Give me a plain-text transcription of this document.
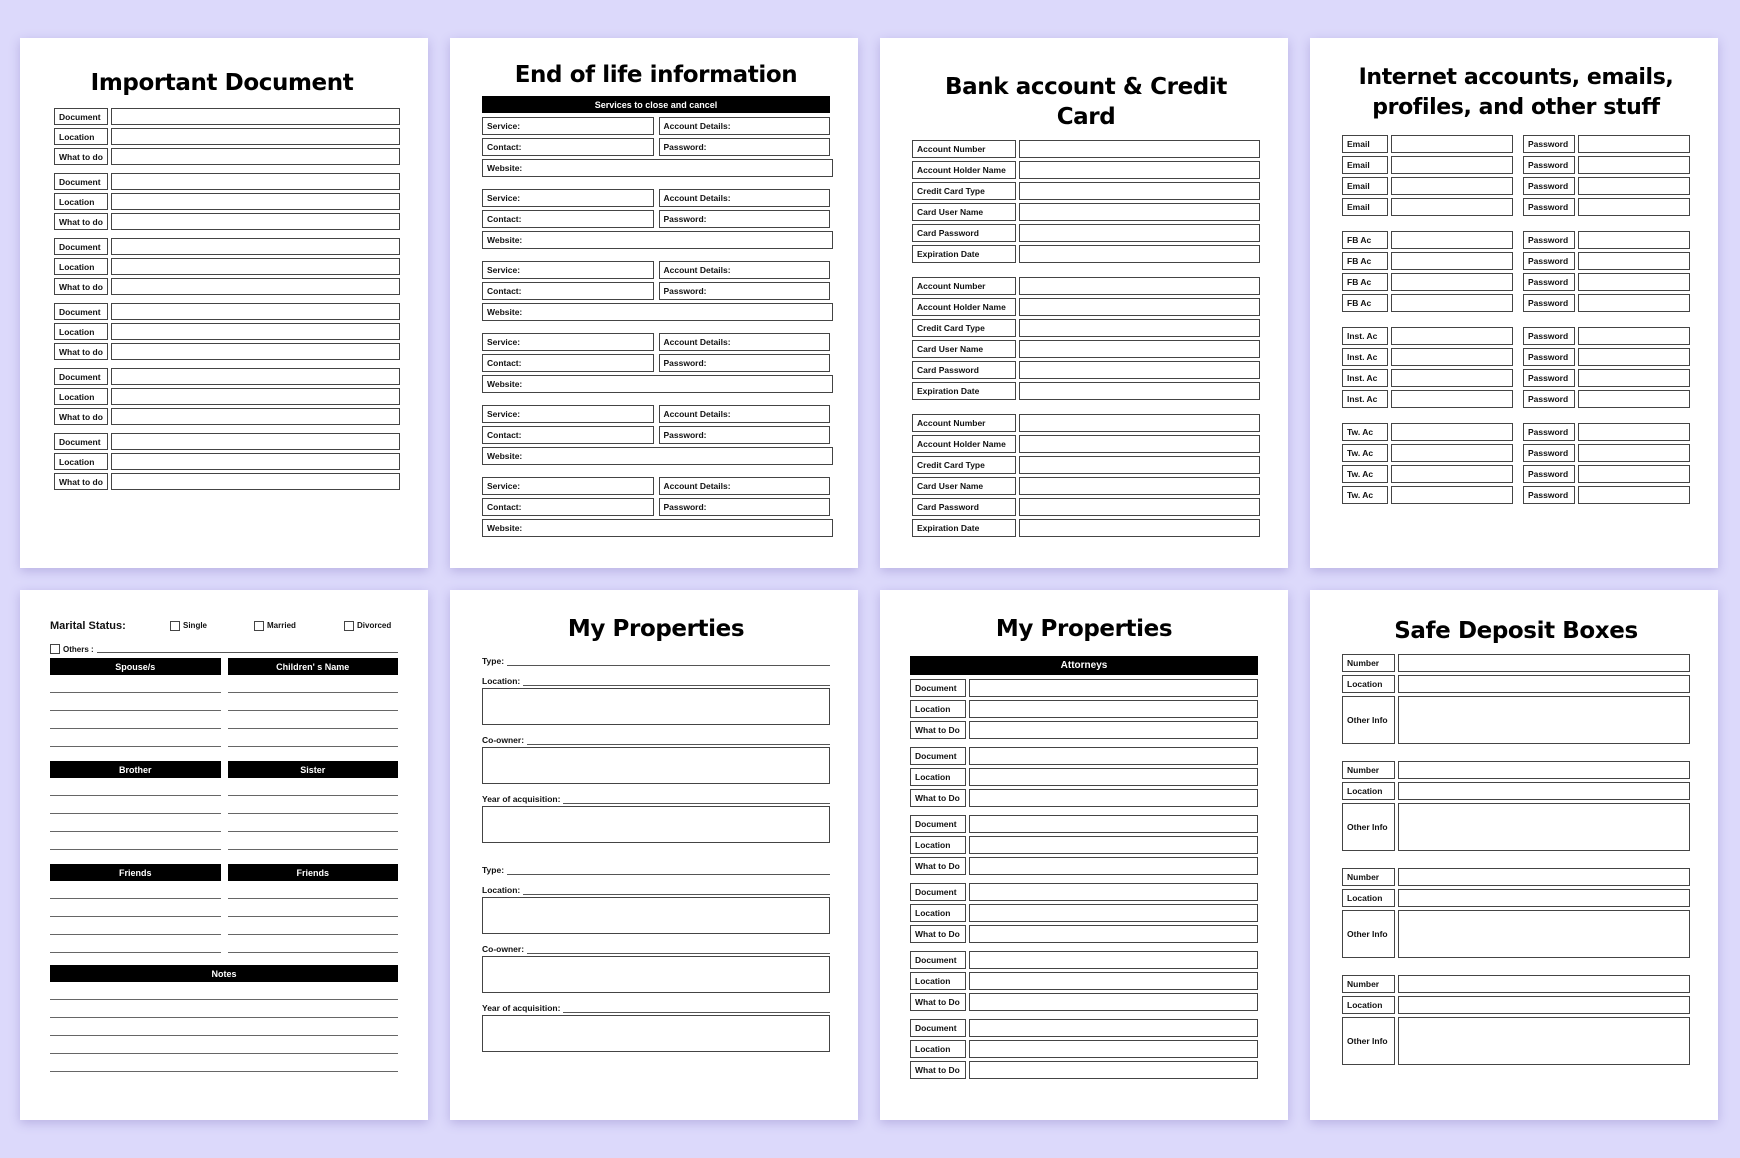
Important Document
Document
Location
What to do
Document
Location
What to do
Document
Location
What to do
Document
Location
What to do
Document
Location
What to do
Document
Location
What to do
End of life information
Services to close and cancel
Service:	Account Details:
Contact:	Password:
Website:
Service:	Account Details:
Contact:	Password:
Website:
Service:	Account Details:
Contact:	Password:
Website:
Service:	Account Details:
Contact:	Password:
Website:
Service:	Account Details:
Contact:	Password:
Website:
Service:	Account Details:
Contact:	Password:
Website:
Bank account & Credit Card
Account Number
Account Holder Name
Credit Card Type
Card User Name
Card Password
Expiration Date
Account Number
Account Holder Name
Credit Card Type
Card User Name
Card Password
Expiration Date
Account Number
Account Holder Name
Credit Card Type
Card User Name
Card Password
Expiration Date
Internet accounts, emails,
profiles, and other stuff
Email	Password
Email	Password
Email	Password
Email	Password
FB Ac	Password
FB Ac	Password
FB Ac	Password
FB Ac	Password
Inst. Ac	Password
Inst. Ac	Password
Inst. Ac	Password
Inst. Ac	Password
Tw. Ac	Password
Tw. Ac	Password
Tw. Ac	Password
Tw. Ac	Password
Marital Status:	Single	Married	Divorced
Others :
Spouse/s	Children' s Name
Brother	Sister
Friends	Friends
Notes
My Properties
Type:
Location:
Co-owner:
Year of acquisition:
Type:
Location:
Co-owner:
Year of acquisition:
My Properties
Attorneys
Document
Location
What to Do
Document
Location
What to Do
Document
Location
What to Do
Document
Location
What to Do
Document
Location
What to Do
Document
Location
What to Do
Safe Deposit Boxes
Number
Location
Other Info
Number
Location
Other Info
Number
Location
Other Info
Number
Location
Other Info
